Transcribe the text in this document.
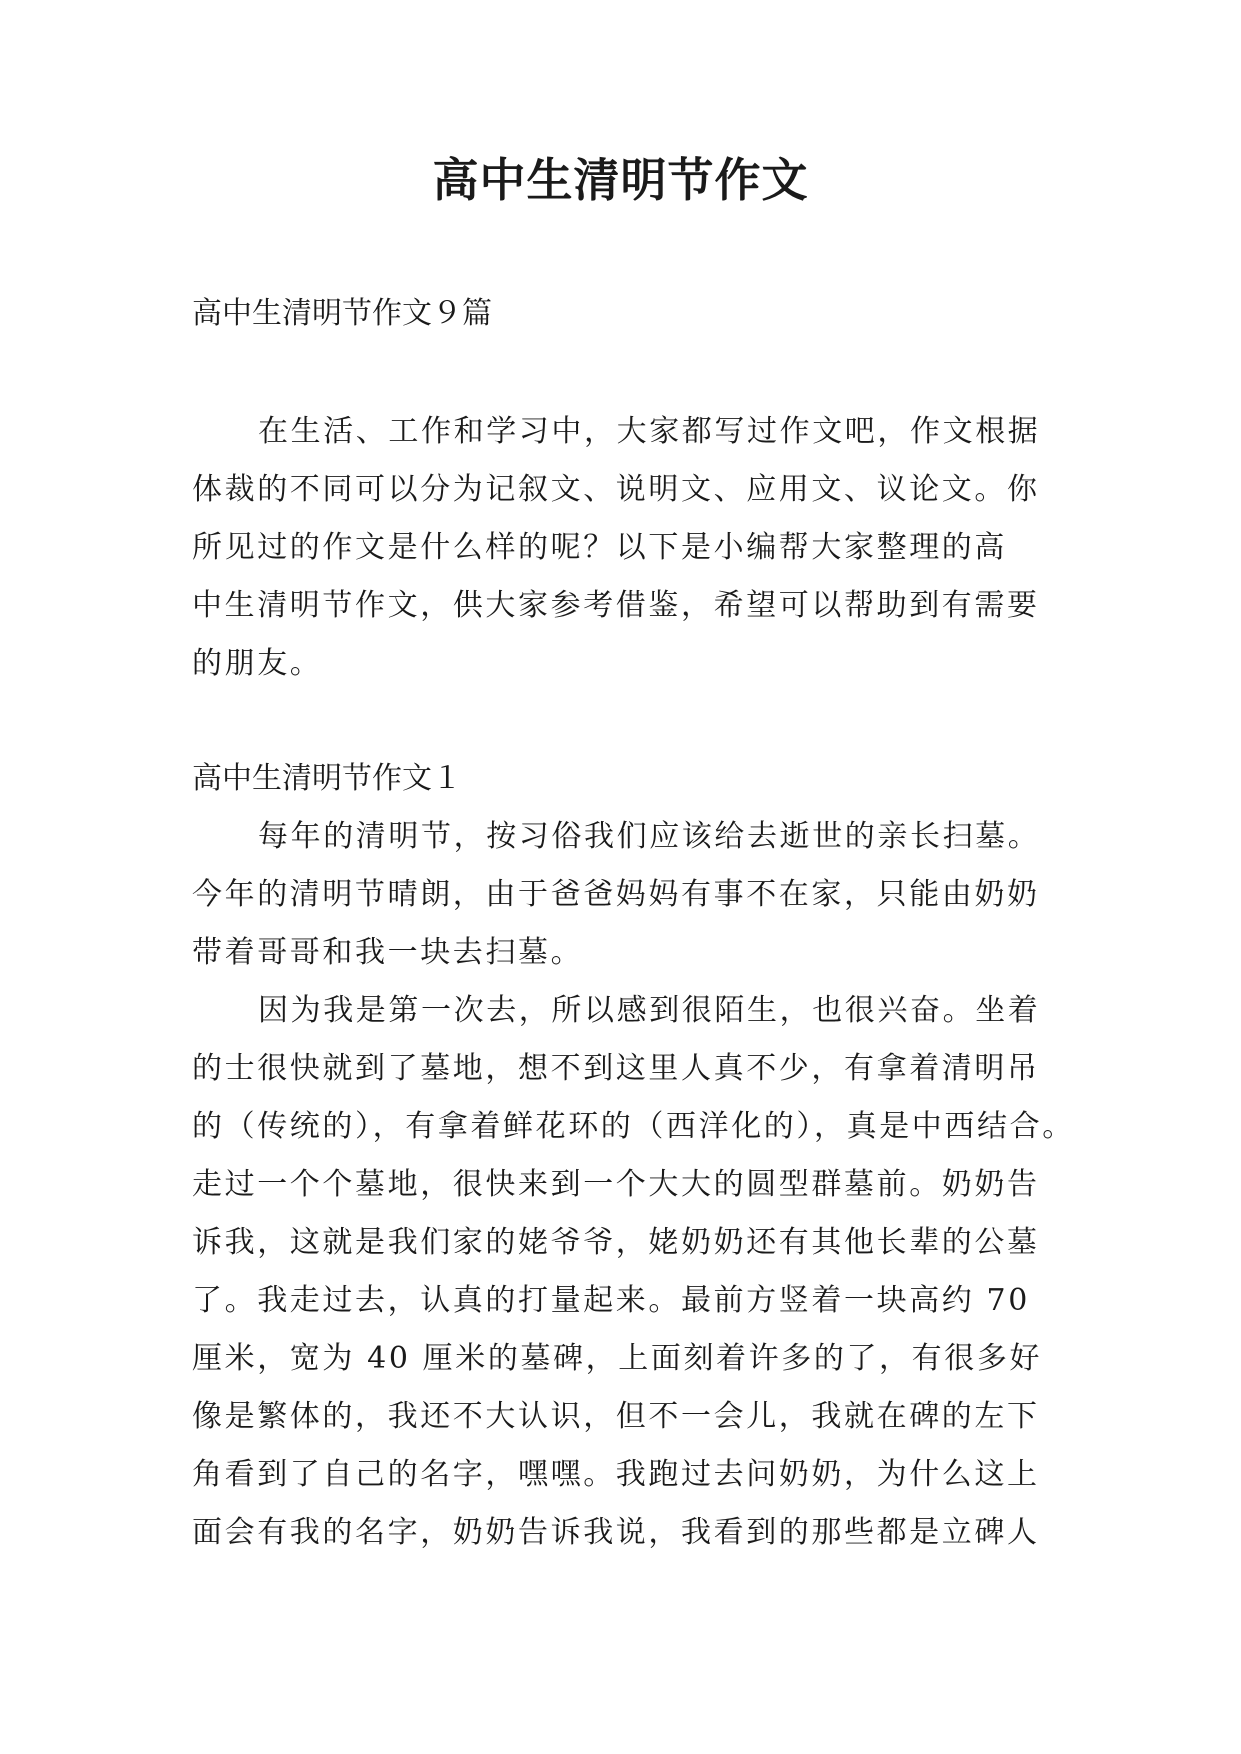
高中生清明节作文

高中生清明节作文９篇

在生活、工作和学习中，大家都写过作文吧，作文根据
体裁的不同可以分为记叙文、说明文、应用文、议论文。你
所见过的作文是什么样的呢？以下是小编帮大家整理的高
中生清明节作文，供大家参考借鉴，希望可以帮助到有需要
的朋友。

高中生清明节作文１

每年的清明节，按习俗我们应该给去逝世的亲长扫墓。
今年的清明节晴朗，由于爸爸妈妈有事不在家，只能由奶奶
带着哥哥和我一块去扫墓。
因为我是第一次去，所以感到很陌生，也很兴奋。坐着
的士很快就到了墓地，想不到这里人真不少，有拿着清明吊
的（传统的），有拿着鲜花环的（西洋化的），真是中西结合。
走过一个个墓地，很快来到一个大大的圆型群墓前。奶奶告
诉我，这就是我们家的姥爷爷，姥奶奶还有其他长辈的公墓
了。我走过去，认真的打量起来。最前方竖着一块高约 70
厘米，宽为 40 厘米的墓碑，上面刻着许多的了，有很多好
像是繁体的，我还不大认识，但不一会儿，我就在碑的左下
角看到了自己的名字，嘿嘿。我跑过去问奶奶，为什么这上
面会有我的名字，奶奶告诉我说，我看到的那些都是立碑人
